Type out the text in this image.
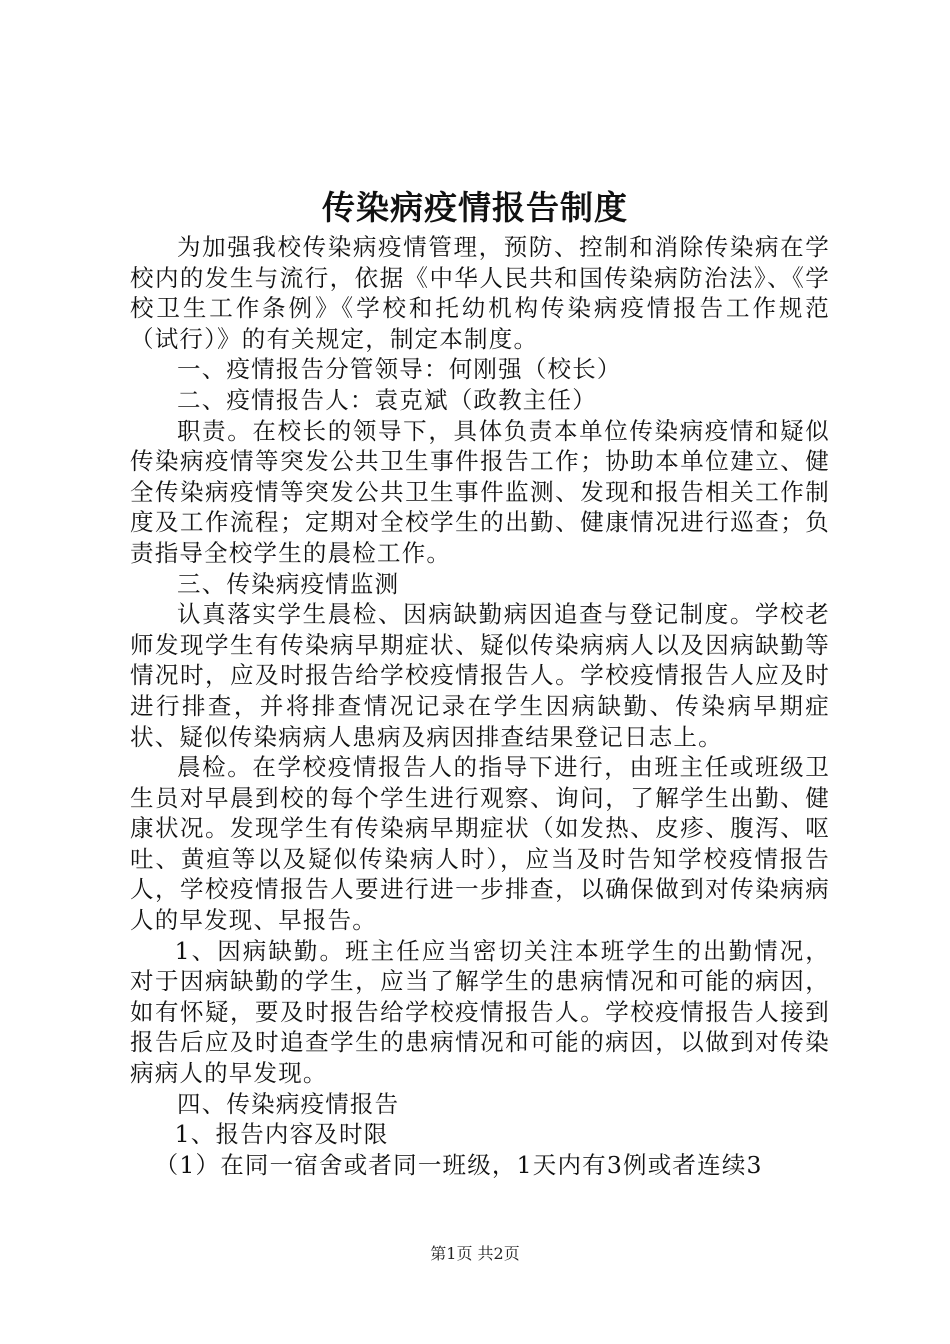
传染病疫情报告制度

为加强我校传染病疫情管理，预防、控制和消除传染病在学校内的发生与流行，依据《中华人民共和国传染病防治法》、《学校卫生工作条例》《学校和托幼机构传染病疫情报告工作规范（试行）》的有关规定，制定本制度。

一、疫情报告分管领导：何刚强（校长）

二、疫情报告人：袁克斌（政教主任）

职责。在校长的领导下，具体负责本单位传染病疫情和疑似传染病疫情等突发公共卫生事件报告工作；协助本单位建立、健全传染病疫情等突发公共卫生事件监测、发现和报告相关工作制度及工作流程；定期对全校学生的出勤、健康情况进行巡查；负责指导全校学生的晨检工作。

三、传染病疫情监测

认真落实学生晨检、因病缺勤病因追查与登记制度。学校老师发现学生有传染病早期症状、疑似传染病病人以及因病缺勤等情况时，应及时报告给学校疫情报告人。学校疫情报告人应及时进行排查，并将排查情况记录在学生因病缺勤、传染病早期症状、疑似传染病病人患病及病因排查结果登记日志上。

晨检。在学校疫情报告人的指导下进行，由班主任或班级卫生员对早晨到校的每个学生进行观察、询问，了解学生出勤、健康状况。发现学生有传染病早期症状（如发热、皮疹、腹泻、呕吐、黄疸等以及疑似传染病人时），应当及时告知学校疫情报告人，学校疫情报告人要进行进一步排查，以确保做到对传染病病人的早发现、早报告。

1、因病缺勤。班主任应当密切关注本班学生的出勤情况，对于因病缺勤的学生，应当了解学生的患病情况和可能的病因，如有怀疑，要及时报告给学校疫情报告人。学校疫情报告人接到报告后应及时追查学生的患病情况和可能的病因，以做到对传染病病人的早发现。

四、传染病疫情报告

1、报告内容及时限

（1）在同一宿舍或者同一班级，1天内有3例或者连续3

第1页 共2页
